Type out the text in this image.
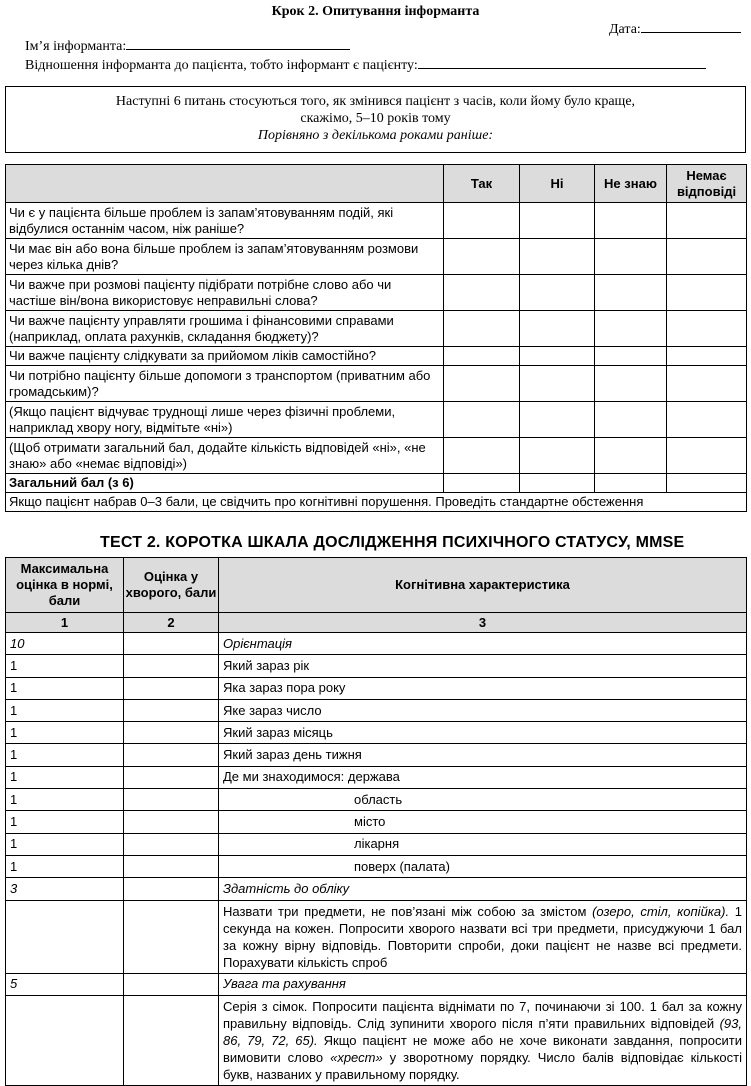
Крок 2. Опитування інформанта
Дата:
Ім’я інформанта:
Відношення інформанта до пацієнта, тобто інформант є пацієнту:
Наступні 6 питань стосуються того, як змінився пацієнт з часів, коли йому було краще,
скажімо, 5–10 років тому
Порівняно з декількома роками раніше:
	Так	Ні	Не знаю	Немає відповіді
Чи є у пацієнта більше проблем із запам’ятовуванням подій, які відбулися останнім часом, ніж раніше?				
Чи має він або вона більше проблем із запам’ятовуванням розмови через кілька днів?				
Чи важче при розмові пацієнту підібрати потрібне слово або чи частіше він/вона використовує неправильні слова?				
Чи важче пацієнту управляти грошима і фінансовими справами (наприклад, оплата рахунків, складання бюджету)?				
Чи важче пацієнту слідкувати за прийомом ліків самостійно?				
Чи потрібно пацієнту більше допомоги з транспортом (приватним або громадським)?				
(Якщо пацієнт відчуває труднощі лише через фізичні проблеми, наприклад хвору ногу, відмітьте «ні»)				
(Щоб отримати загальний бал, додайте кількість відповідей «ні», «не знаю» або «немає відповіді»)				
Загальний бал (з 6)				
Якщо пацієнт набрав 0–3 бали, це свідчить про когнітивні порушення. Проведіть стандартне обстеження				
ТЕСТ 2. КОРОТКА ШКАЛА ДОСЛІДЖЕННЯ ПСИХІЧНОГО СТАТУСУ, MMSE
Максимальна оцінка в нормі, бали	Оцінка у хворого, бали	Когнітивна характеристика
1	2	3
10		Орієнтація
1		Який зараз рік
1		Яка зараз пора року
1		Яке зараз число
1		Який зараз місяць
1		Який зараз день тижня
1		Де ми знаходимося: держава
1		область
1		місто
1		лікарня
1		поверх (палата)
3		Здатність до обліку
		Назвати три предмети, не пов’язані між собою за змістом (озеро, стіл, копійка). 1 секунда на кожен. Попросити хворого назвати всі три предмети, присуджуючи 1 бал за кожну вірну відповідь. Повторити спроби, доки пацієнт не назве всі предмети. Порахувати кількість спроб
5		Увага та рахування
		Серія з сімок. Попросити пацієнта віднімати по 7, починаючи зі 100. 1 бал за кожну правильну відповідь. Слід зупинити хворого після п’яти правильних відповідей (93, 86, 79, 72, 65). Якщо пацієнт не може або не хоче виконати завдання, попросити вимовити слово «хрест» у зворотному порядку. Число балів відповідає кількості букв, названих у правильному порядку.
